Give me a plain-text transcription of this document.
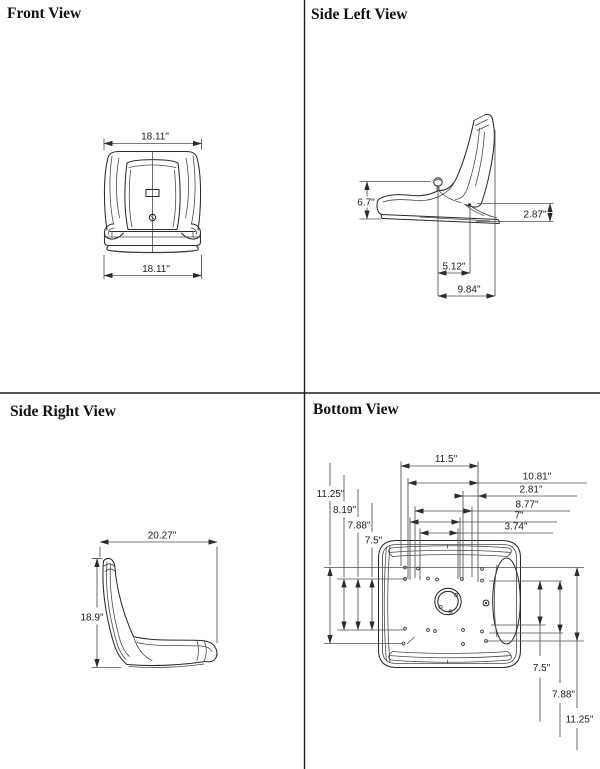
Front View
18.11"
18.11"
Side Left View
6.7"
2.87"
5.12"
9.84"
Side Right View
20.27"
18.9"
Bottom View
11.5"
10.81"
2.81"
8.77"
7"
3.74"
11.25"
8.19"
7.88"
7.5"
7.5"
7.88"
11.25"
